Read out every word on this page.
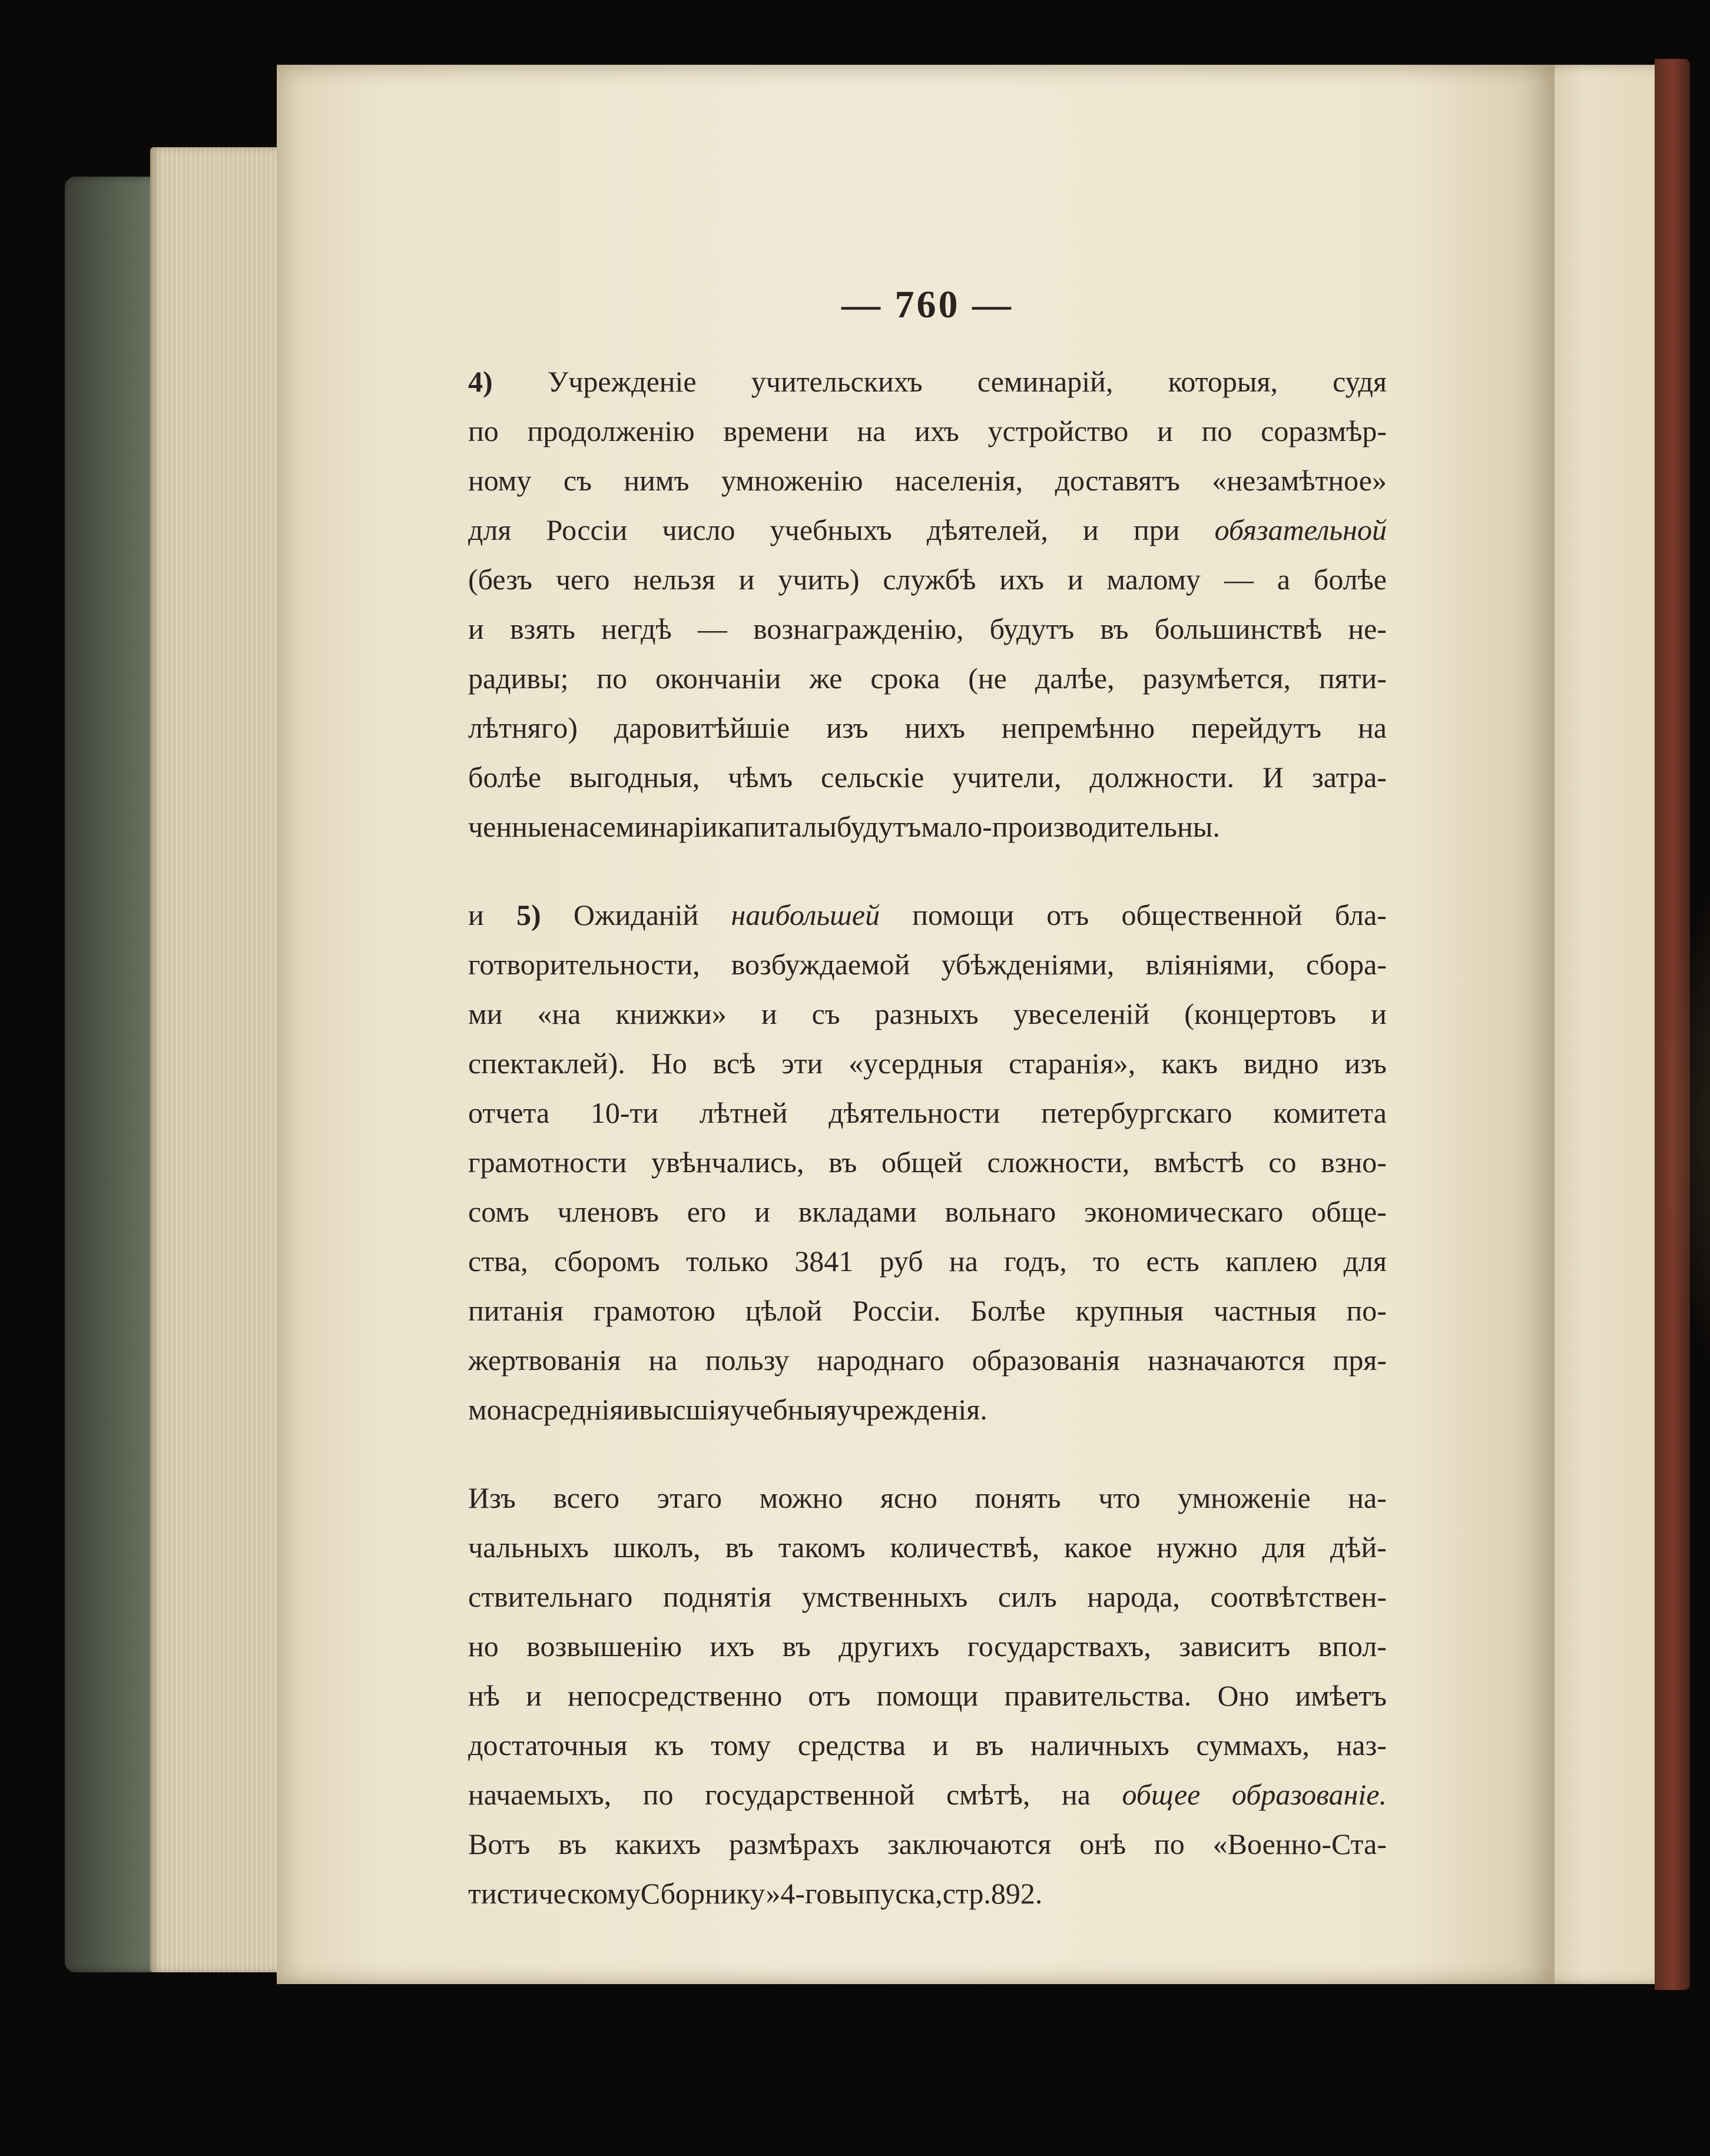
— 760 —
4) Учрежденіе учительскихъ семинарій, которыя, судя
по продолженію времени на ихъ устройство и по соразмѣр-
ному съ нимъ умноженію населенія, доставятъ «незамѣтное»
для Россіи число учебныхъ дѣятелей, и при обязательной
(безъ чего нельзя и учить) службѣ ихъ и малому — а болѣе
и взять негдѣ — вознагражденію, будутъ въ большинствѣ не-
радивы; по окончаніи же срока (не далѣе, разумѣется, пяти-
лѣтнягo) даровитѣйшіе изъ нихъ непремѣнно перейдутъ на
болѣе выгодныя, чѣмъ сельскіе учители, должности. И затра-
ченные на семинаріи капиталы будутъ мало-производительны.
и 5) Ожиданій наибольшей помощи отъ общественной бла-
готворительности, возбуждаемой убѣжденіями, вліяніями, сбора-
ми «на книжки» и съ разныхъ увеселеній (концертовъ и
спектаклей). Но всѣ эти «усердныя старанія», какъ видно изъ
отчета 10-ти лѣтней дѣятельности петербургскаго комитета
грамотности увѣнчались, въ общей сложности, вмѣстѣ со взно-
сомъ членовъ его и вкладами вольнаго экономическаго обще-
ства, сборомъ только 3841 руб на годъ, то есть каплею для
питанія грамотою цѣлой Россіи. Болѣе крупныя частныя по-
жертвованія на пользу народнаго образованія назначаются пря-
мо на среднія и высшія учебныя учрежденія.
Изъ всего этаго можно ясно понять что умноженіе на-
чальныхъ школъ, въ такомъ количествѣ, какое нужно для дѣй-
ствительнаго поднятія умственныхъ силъ народа, соотвѣтствен-
но возвышенію ихъ въ другихъ государствахъ, зависитъ впол-
нѣ и непосредственно отъ помощи правительства. Оно имѣетъ
достаточныя къ тому средства и въ наличныхъ суммахъ, наз-
начаемыхъ, по государственной смѣтѣ, на общее образованіе.
Вотъ въ какихъ размѣрахъ заключаются онѣ по «Военно-Ста-
тистическому Сборнику» 4-го выпуска, стр. 892.
